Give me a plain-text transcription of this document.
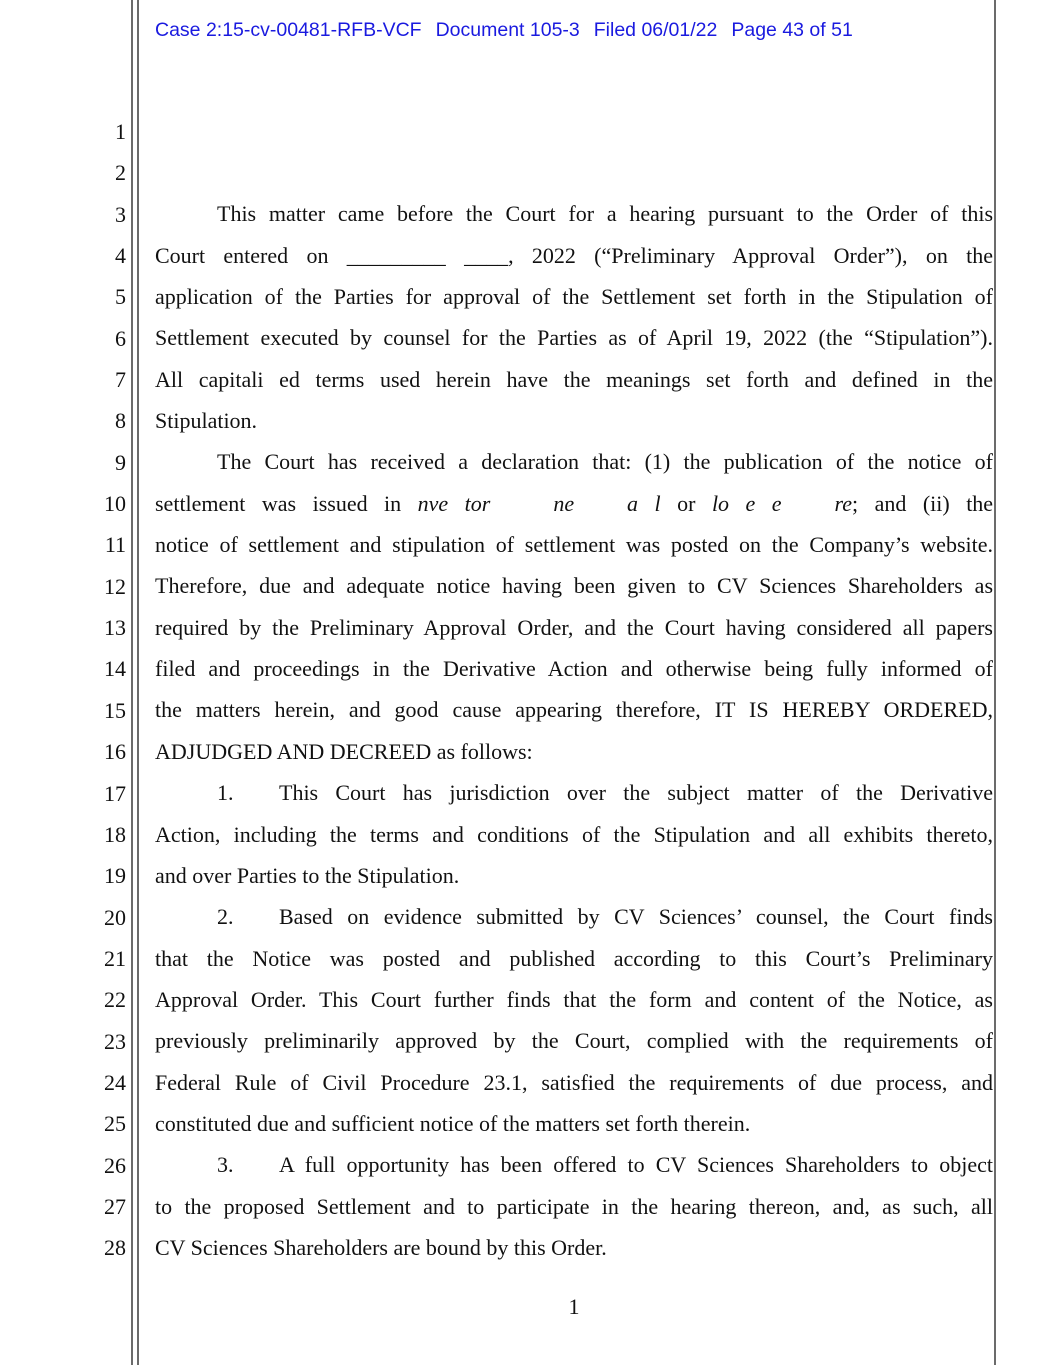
Case 2:15-cv-00481-RFB-VCF Document 105-3 Filed 06/01/22 Page 43 of 51
1
2
3
4
5
6
7
8
9
10
11
12
13
14
15
16
17
18
19
20
21
22
23
24
25
26
27
28
This matter came before the Court for a hearing pursuant to the Order of this
Court entered on _________ ____, 2022 (“Preliminary Approval Order”), on the
application of the Parties for approval of the Settlement set forth in the Stipulation of
Settlement executed by counsel for the Parties as of April 19, 2022 (the “Stipulation”).
All capitali ed terms used herein have the meanings set forth and defined in the
Stipulation.
The Court has received a declaration that: (1) the publication of the notice of
settlement was issued in nve tor	ne a l or lo e e re; and (ii) the
notice of settlement and stipulation of settlement was posted on the Company’s website.
Therefore, due and adequate notice having been given to CV Sciences Shareholders as
required by the Preliminary Approval Order, and the Court having considered all papers
filed and proceedings in the Derivative Action and otherwise being fully informed of
the matters herein, and good cause appearing therefore, IT IS HEREBY ORDERED,
ADJUDGED AND DECREED as follows:
1. This Court has jurisdiction over the subject matter of the Derivative
Action, including the terms and conditions of the Stipulation and all exhibits thereto,
and over Parties to the Stipulation.
2. Based on evidence submitted by CV Sciences’ counsel, the Court finds
that the Notice was posted and published according to this Court’s Preliminary
Approval Order. This Court further finds that the form and content of the Notice, as
previously preliminarily approved by the Court, complied with the requirements of
Federal Rule of Civil Procedure 23.1, satisfied the requirements of due process, and
constituted due and sufficient notice of the matters set forth therein.
3. A full opportunity has been offered to CV Sciences Shareholders to object
to the proposed Settlement and to participate in the hearing thereon, and, as such, all
CV Sciences Shareholders are bound by this Order.
1
